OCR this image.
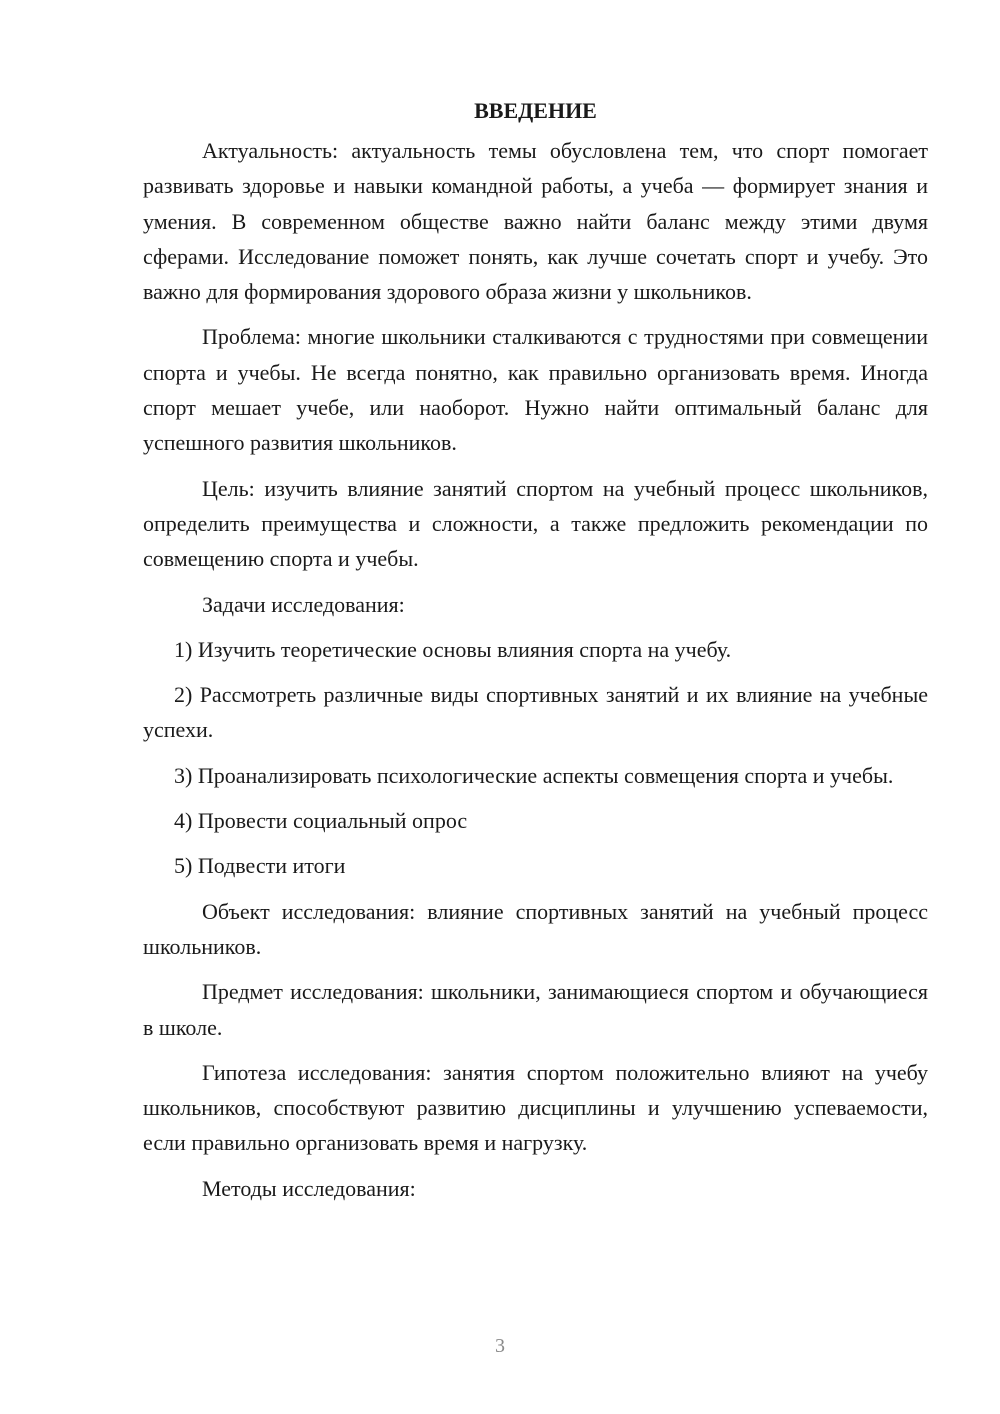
ВВЕДЕНИЕ

Актуальность: актуальность темы обусловлена тем, что спорт помогает развивать здоровье и навыки командной работы, а учеба — формирует знания и умения. В современном обществе важно найти баланс между этими двумя сферами. Исследование поможет понять, как лучше сочетать спорт и учебу. Это важно для формирования здорового образа жизни у школьников.

Проблема: многие школьники сталкиваются с трудностями при совмещении спорта и учебы. Не всегда понятно, как правильно организовать время. Иногда спорт мешает учебе, или наоборот. Нужно найти оптимальный баланс для успешного развития школьников.

Цель: изучить влияние занятий спортом на учебный процесс школьников, определить преимущества и сложности, а также предложить рекомендации по совмещению спорта и учебы.

Задачи исследования:

1) Изучить теоретические основы влияния спорта на учебу.

2) Рассмотреть различные виды спортивных занятий и их влияние на учебные успехи.

3) Проанализировать психологические аспекты совмещения спорта и учебы.

4) Провести социальный опрос

5) Подвести итоги

Объект исследования: влияние спортивных занятий на учебный процесс школьников.

Предмет исследования: школьники, занимающиеся спортом и обучающиеся в школе.

Гипотеза исследования: занятия спортом положительно влияют на учебу школьников, способствуют развитию дисциплины и улучшению успеваемости, если правильно организовать время и нагрузку.

Методы исследования:

3
